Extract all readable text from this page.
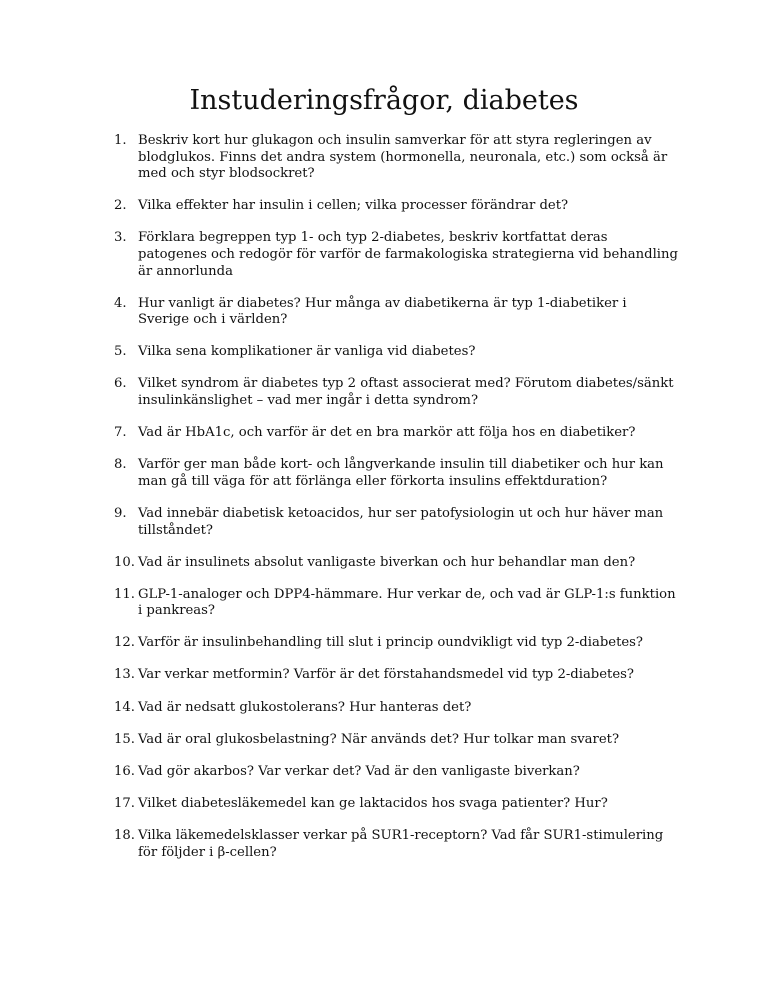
Instuderingsfrågor, diabetes
1. Beskriv kort hur glukagon och insulin samverkar för att styra regleringen av blodglukos. Finns det andra system (hormonella, neuronala, etc.) som också är med och styr blodsockret?
2. Vilka effekter har insulin i cellen; vilka processer förändrar det?
3. Förklara begreppen typ 1- och typ 2-diabetes, beskriv kortfattat deras patogenes och redogör för varför de farmakologiska strategierna vid behandling är annorlunda
4. Hur vanligt är diabetes? Hur många av diabetikerna är typ 1-diabetiker i Sverige och i världen?
5. Vilka sena komplikationer är vanliga vid diabetes?
6. Vilket syndrom är diabetes typ 2 oftast associerat med? Förutom diabetes/sänkt insulinkänslighet – vad mer ingår i detta syndrom?
7. Vad är HbA1c, och varför är det en bra markör att följa hos en diabetiker?
8. Varför ger man både kort- och långverkande insulin till diabetiker och hur kan man gå till väga för att förlänga eller förkorta insulins effektduration?
9. Vad innebär diabetisk ketoacidos, hur ser patofysiologin ut och hur häver man tillståndet?
10. Vad är insulinets absolut vanligaste biverkan och hur behandlar man den?
11. GLP-1-analoger och DPP4-hämmare. Hur verkar de, och vad är GLP-1:s funktion i pankreas?
12. Varför är insulinbehandling till slut i princip oundvikligt vid typ 2-diabetes?
13. Var verkar metformin? Varför är det förstahandsmedel vid typ 2-diabetes?
14. Vad är nedsatt glukostolerans? Hur hanteras det?
15. Vad är oral glukosbelastning? När används det? Hur tolkar man svaret?
16. Vad gör akarbos? Var verkar det? Vad är den vanligaste biverkan?
17. Vilket diabetesläkemedel kan ge laktacidos hos svaga patienter? Hur?
18. Vilka läkemedelsklasser verkar på SUR1-receptorn? Vad får SUR1-stimulering för följder i β-cellen?
